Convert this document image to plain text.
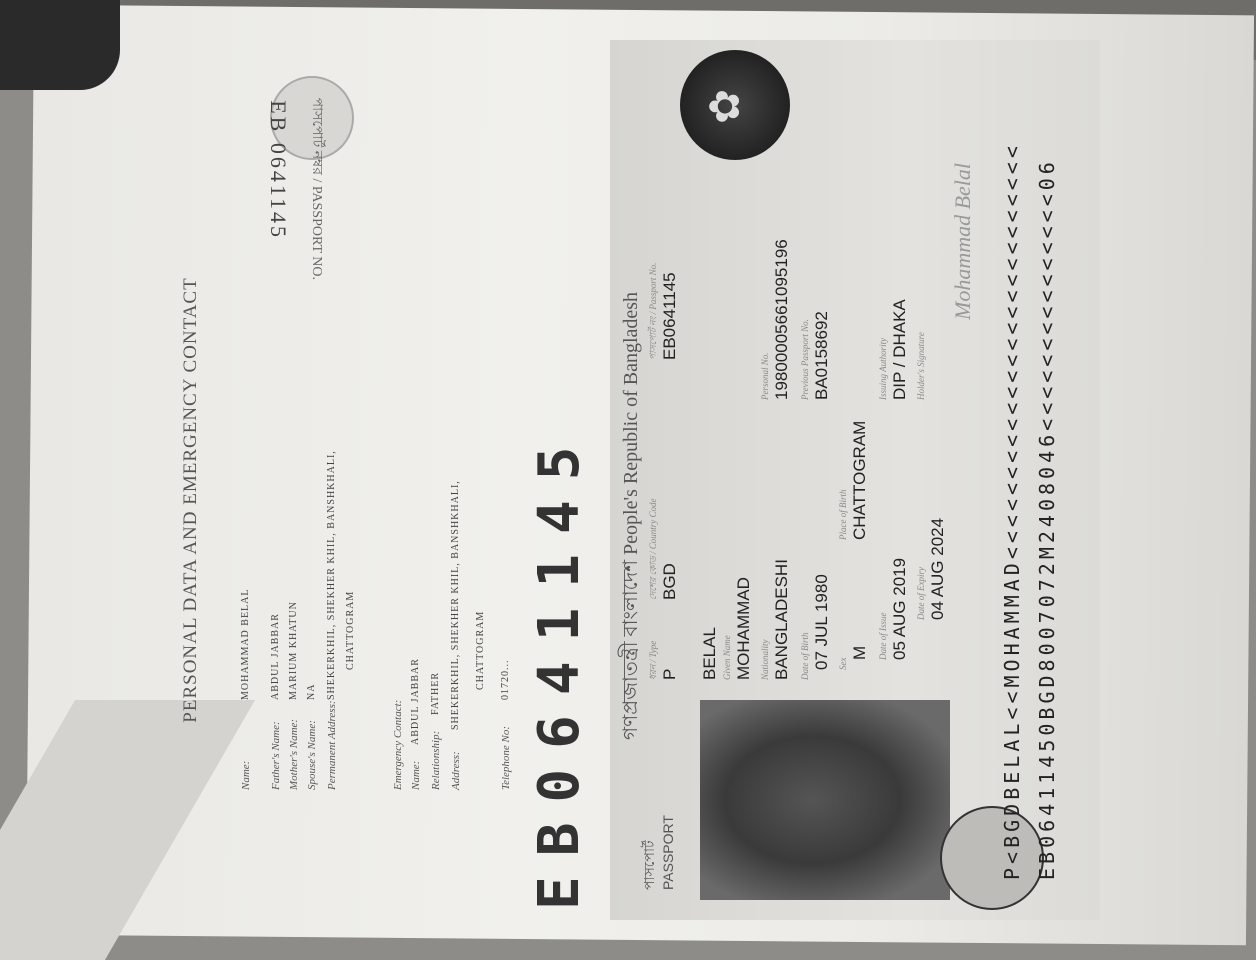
PERSONAL DATA AND EMERGENCY CONTACT
Name:
MOHAMMAD BELAL
Father's Name:
ABDUL JABBAR
Mother's Name:
MARIUM KHATUN
Spouse's Name:
NA
Permanent Address:
SHEKERKHIL, SHEKHER KHIL, BANSHKHALI, CHATTOGRAM
Emergency Contact: Name:
ABDUL JABBAR
Relationship:
FATHER
Address:
SHEKERKHIL, SHEKHER KHIL, BANSHKHALI, CHATTOGRAM
Telephone No:
01720...
EB 0641145 পাসপোর্ট নম্বর / PASSPORT NO.
EB0641145 গণপ্রজাতন্ত্রী বাংলাদেশ People's Republic of Bangladesh
✿
পাসপোর্ট PASSPORT
ধরন / Type P
দেশের কোড / Country Code BGD
পাসপোর্ট নং / Passport No. EB0641145
BELAL Given Name MOHAMMAD Nationality BANGLADESHI
Personal No. 19800005661095196
Date of Birth 07 JUL 1980
Previous Passport No. BA0158692
Sex
M
Place of Birth CHATTOGRAM
Date of Issue 05 AUG 2019
Issuing Authority DIP / DHAKA
Date of Expiry 04 AUG 2024
Holder's Signature
Mohammad Belal P<BGDBELAL<<MOHAMMAD<<<<<<<<<<<<<<<<<<<<<<<<<< EB06411450BGD8007072M2408046<<<<<<<<<<<<<<<06
